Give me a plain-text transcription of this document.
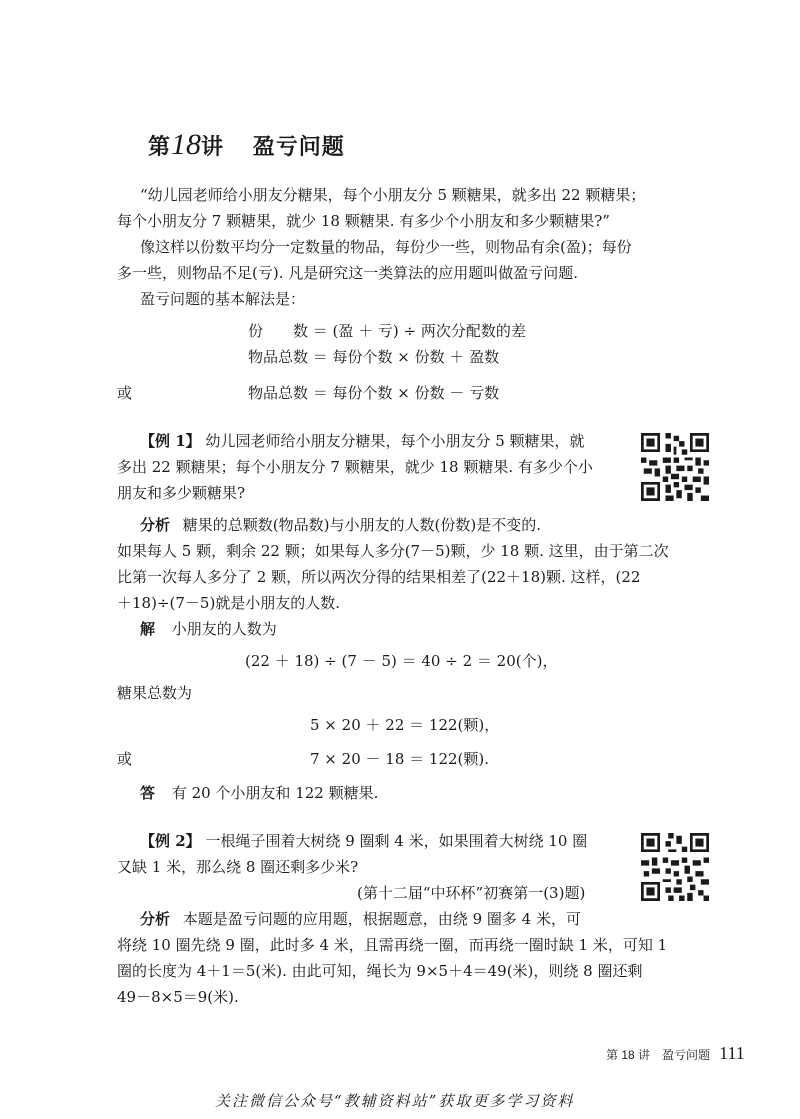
第18讲 盈亏问题
“幼儿园老师给小朋友分糖果，每个小朋友分 5 颗糖果，就多出 22 颗糖果；
每个小朋友分 7 颗糖果，就少 18 颗糖果. 有多少个小朋友和多少颗糖果?”
像这样以份数平均分一定数量的物品，每份少一些，则物品有余(盈)；每份
多一些，则物品不足(亏). 凡是研究这一类算法的应用题叫做盈亏问题.
盈亏问题的基本解法是：
份　　数 ＝ (盈 ＋ 亏) ÷ 两次分配数的差
物品总数 ＝ 每份个数 × 份数 ＋ 盈数
或	物品总数 ＝ 每份个数 × 份数 － 亏数
【例 1】 幼儿园老师给小朋友分糖果，每个小朋友分 5 颗糖果，就
多出 22 颗糖果；每个小朋友分 7 颗糖果，就少 18 颗糖果. 有多少个小
朋友和多少颗糖果?
分析 糖果的总颗数(物品数)与小朋友的人数(份数)是不变的.
如果每人 5 颗，剩余 22 颗；如果每人多分(7－5)颗，少 18 颗. 这里，由于第二次
比第一次每人多分了 2 颗，所以两次分得的结果相差了(22＋18)颗. 这样，(22
＋18)÷(7－5)就是小朋友的人数.
解 小朋友的人数为
(22 ＋ 18) ÷ (7 － 5) ＝ 40 ÷ 2 ＝ 20(个)，
糖果总数为
5 × 20 ＋ 22 ＝ 122(颗)，
或	7 × 20 － 18 ＝ 122(颗).
答 有 20 个小朋友和 122 颗糖果.
【例 2】 一根绳子围着大树绕 9 圈剩 4 米，如果围着大树绕 10 圈
又缺 1 米，那么绕 8 圈还剩多少米?
(第十二届“中环杯”初赛第一(3)题)
分析 本题是盈亏问题的应用题，根据题意，由绕 9 圈多 4 米，可
将绕 10 圈先绕 9 圈，此时多 4 米，且需再绕一圈，而再绕一圈时缺 1 米，可知 1
圈的长度为 4＋1＝5(米). 由此可知，绳长为 9×5＋4＝49(米)，则绕 8 圈还剩
49－8×5＝9(米).
第 18 讲　盈亏问题 111
关注微信公众号“教辅资料站”获取更多学习资料
